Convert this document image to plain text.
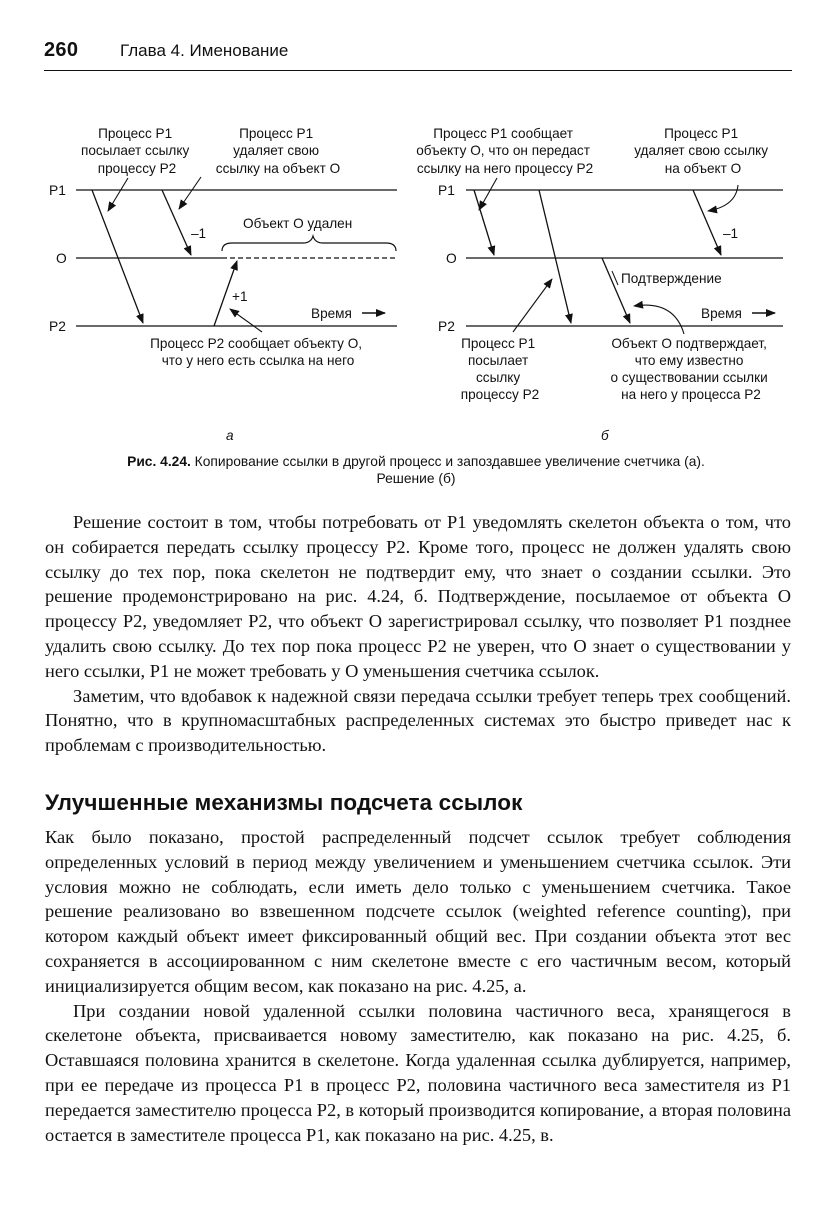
260 Глава 4. Именование
Процесс P1 посылает ссылку процессу P2
Процесс P1 удаляет свою ссылку на объект O
P1
O
P2
–1
+1
Объект O удален
Время
Процесс P2 сообщает объекту O, что у него есть ссылка на него
а
Процесс P1 сообщает объекту O, что он передаст ссылку на него процессу P2
Процесс P1 удаляет свою ссылку на объект O
P1
O
P2
Подтверждение
–1
Время
Процесс P1 посылает ссылку процессу P2
Объект O подтверждает, что ему известно о существовании ссылки на него у процесса P2
б
Рис. 4.24. Копирование ссылки в другой процесс и запоздавшее увеличение счетчика (а).
Решение (б)

Решение состоит в том, чтобы потребовать от P1 уведомлять скелетон объекта о том, что он собирается передать ссылку процессу P2. Кроме того, процесс не должен удалять свою ссылку до тех пор, пока скелетон не подтвердит ему, что знает о создании ссылки. Это решение продемонстрировано на рис. 4.24, б. Подтверждение, посылаемое от объекта O процессу P2, уведомляет P2, что объект O зарегистрировал ссылку, что позволяет P1 позднее удалить свою ссылку. До тех пор пока процесс P2 не уверен, что O знает о существовании у него ссылки, P1 не может требовать у O уменьшения счетчика ссылок.

Заметим, что вдобавок к надежной связи передача ссылки требует теперь трех сообщений. Понятно, что в крупномасштабных распределенных системах это быстро приведет нас к проблемам с производительностью.

Улучшенные механизмы подсчета ссылок

Как было показано, простой распределенный подсчет ссылок требует соблюдения определенных условий в период между увеличением и уменьшением счетчика ссылок. Эти условия можно не соблюдать, если иметь дело только с уменьшением счетчика. Такое решение реализовано во взвешенном подсчете ссылок (weighted reference counting), при котором каждый объект имеет фиксированный общий вес. При создании объекта этот вес сохраняется в ассоциированном с ним скелетоне вместе с его частичным весом, который инициализируется общим весом, как показано на рис. 4.25, а.

При создании новой удаленной ссылки половина частичного веса, хранящегося в скелетоне объекта, присваивается новому заместителю, как показано на рис. 4.25, б. Оставшаяся половина хранится в скелетоне. Когда удаленная ссылка дублируется, например, при ее передаче из процесса P1 в процесс P2, половина частичного веса заместителя из P1 передается заместителю процесса P2, в который производится копирование, а вторая половина остается в заместителе процесса P1, как показано на рис. 4.25, в.
